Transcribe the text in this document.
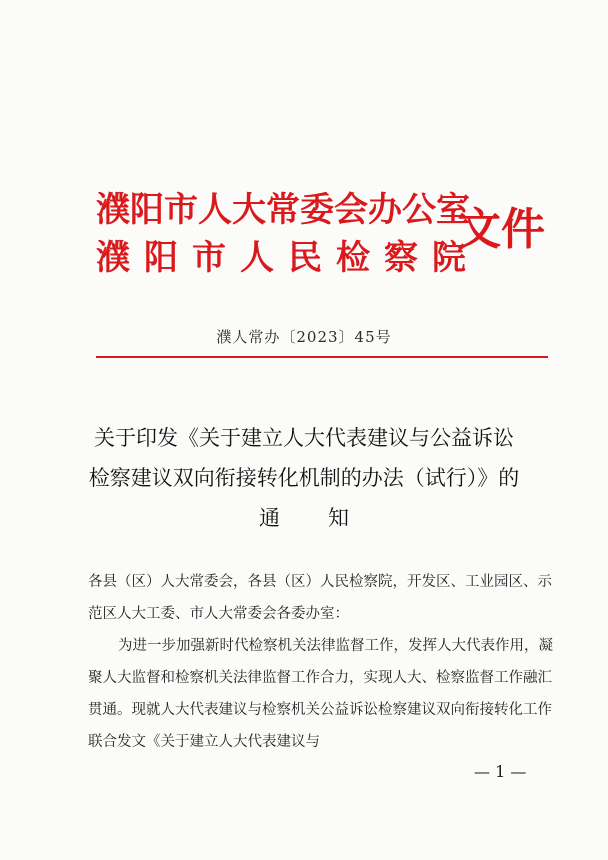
濮阳市人大常委会办公室
濮阳市人民检察院
文件
濮人常办〔2023〕45号
关于印发《关于建立人大代表建议与公益诉讼
检察建议双向衔接转化机制的办法（试行）》的
通知

各县（区）人大常委会，各县（区）人民检察院，开发区、工业园区、示范区人大工委、市人大常委会各委办室：

为进一步加强新时代检察机关法律监督工作，发挥人大代表作用，凝聚人大监督和检察机关法律监督工作合力，实现人大、检察监督工作融汇贯通。现就人大代表建议与检察机关公益诉讼检察建议双向衔接转化工作联合发文《关于建立人大代表建议与

— 1 —
